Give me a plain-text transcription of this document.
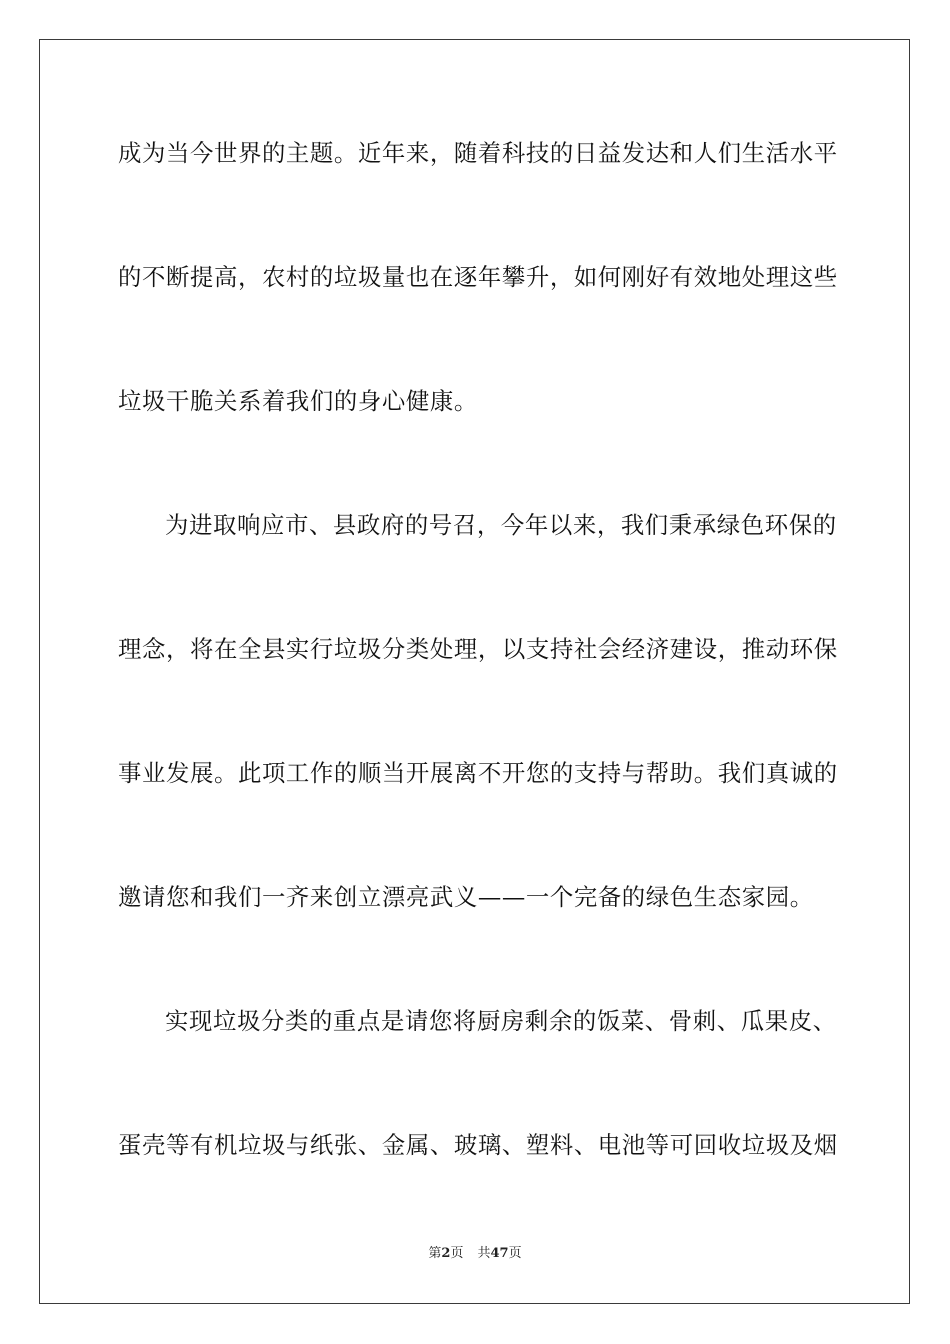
成为当今世界的主题。近年来，随着科技的日益发达和人们生活水平
的不断提高，农村的垃圾量也在逐年攀升，如何刚好有效地处理这些
垃圾干脆关系着我们的身心健康。
为进取响应市、县政府的号召，今年以来，我们秉承绿色环保的
理念，将在全县实行垃圾分类处理，以支持社会经济建设，推动环保
事业发展。此项工作的顺当开展离不开您的支持与帮助。我们真诚的
邀请您和我们一齐来创立漂亮武义——一个完备的绿色生态家园。
实现垃圾分类的重点是请您将厨房剩余的饭菜、骨刺、瓜果皮、
蛋壳等有机垃圾与纸张、金属、玻璃、塑料、电池等可回收垃圾及烟
第2页 共47页
